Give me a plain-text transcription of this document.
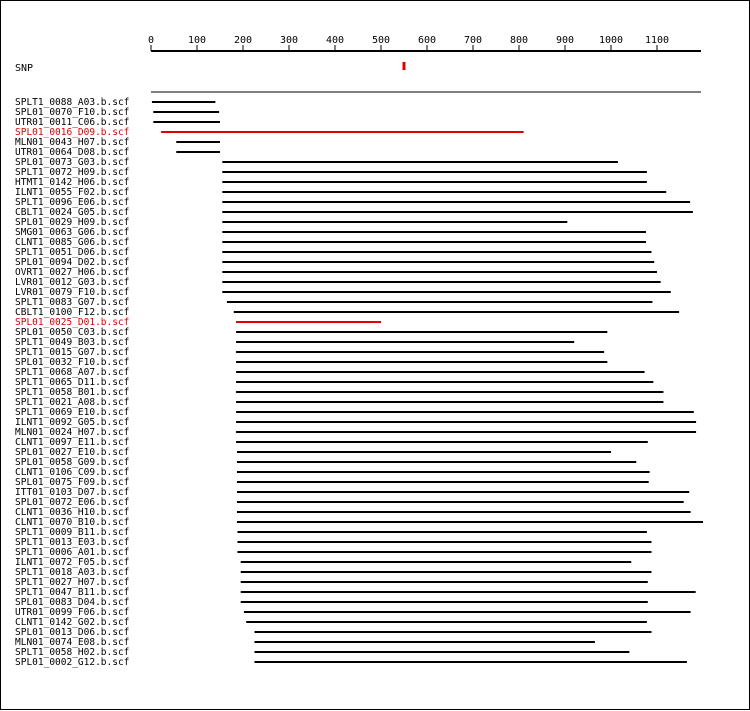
0	100	200	300	400	500	600	700	800	900 1000 1100
SNP
SPLT1_0088_A03.b.scf
SPL01_0070_F10.b.scf
UTR01_0011_C06.b.scf
SPL01_0016_D09.b.scf
MLN01_0043_H07.b.scf
UTR01_0064_D08.b.scf
SPL01_0073_G03.b.scf
SPLT1_0072_H09.b.scf
HTMT1_0142_H06.b.scf
ILNT1_0055_F02.b.scf
SPLT1_0096_E06.b.scf
CBLT1_0024_G05.b.scf
SPL01_0029_H09.b.scf
SMG01_0063_G06.b.scf
CLNT1_0085_G06.b.scf
SPLT1_0051_D06.b.scf
SPL01_0094_D02.b.scf
OVRT1_0027_H06.b.scf
LVR01_0012_G03.b.scf
LVR01_0079_F10.b.scf
SPLT1_0083_G07.b.scf
CBLT1_0100_F12.b.scf
SPL01_0025_D01.b.scf
SPL01_0050_C03.b.scf
SPLT1_0049_B03.b.scf
SPLT1_0015_G07.b.scf
SPL01_0032_F10.b.scf
SPLT1_0068_A07.b.scf
SPLT1_0065_D11.b.scf
SPLT1_0058_B01.b.scf
SPLT1_0021_A08.b.scf
SPLT1_0069_E10.b.scf
ILNT1_0092_G05.b.scf
MLN01_0024_H07.b.scf
CLNT1_0097_E11.b.scf
SPL01_0027_E10.b.scf
SPL01_0058_G09.b.scf
CLNT1_0106_C09.b.scf
SPL01_0075_F09.b.scf
ITT01_0103_D07.b.scf
SPL01_0072_E06.b.scf
CLNT1_0036_H10.b.scf
CLNT1_0070_B10.b.scf
SPLT1_0009_B11.b.scf
SPLT1_0013_E03.b.scf
SPLT1_0006_A01.b.scf
ILNT1_0072_F05.b.scf
SPLT1_0018_A03.b.scf
SPLT1_0027_H07.b.scf
SPLT1_0047_B11.b.scf
SPL01_0083_D04.b.scf
UTR01_0099_F06.b.scf
CLNT1_0142_G02.b.scf
SPL01_0013_D06.b.scf
MLN01_0074_E08.b.scf
SPLT1_0058_H02.b.scf
SPL01_0002_G12.b.scf
